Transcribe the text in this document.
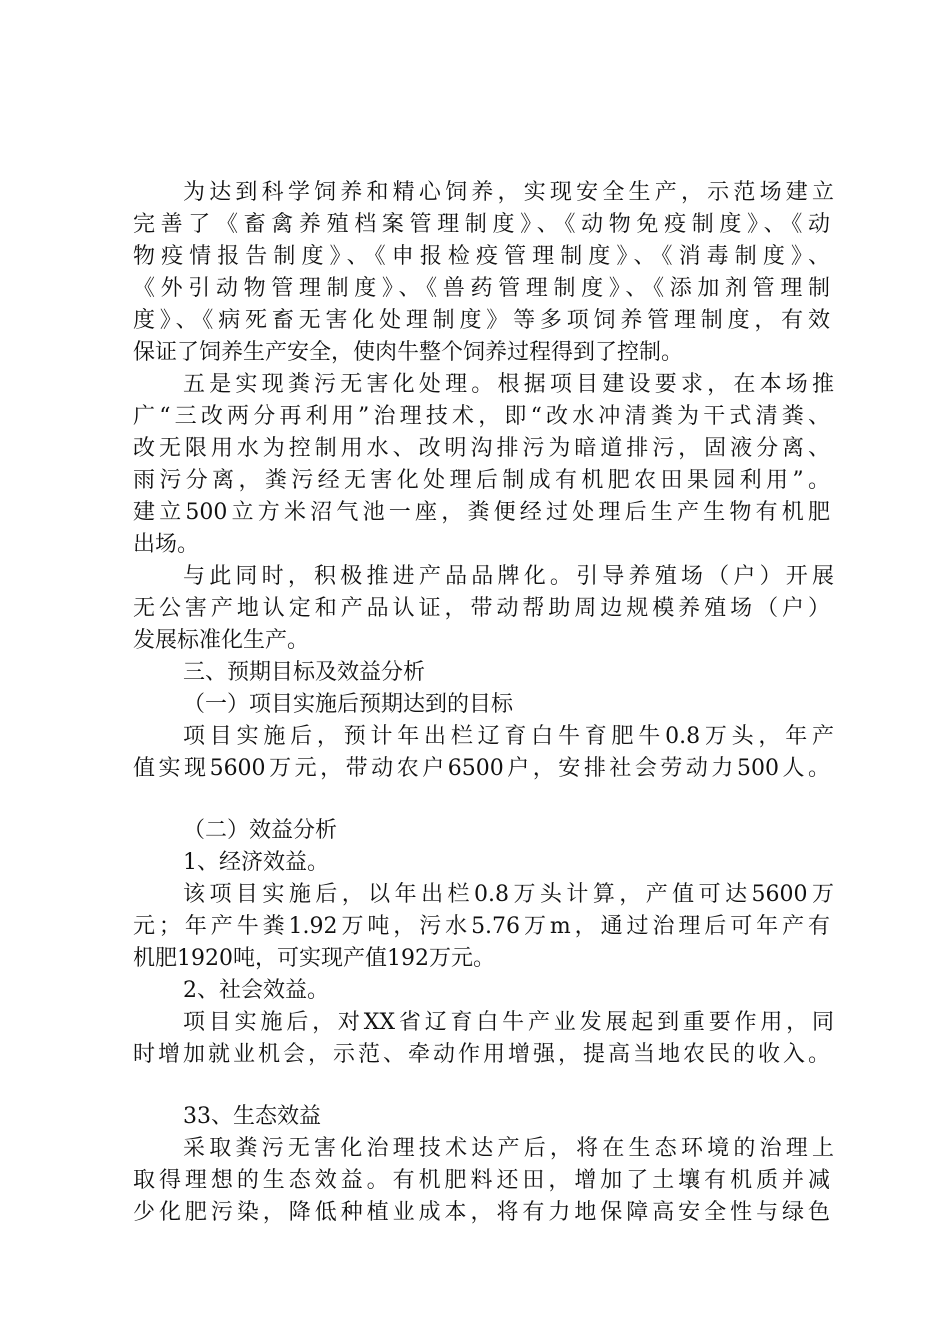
为达到科学饲养和精心饲养，实现安全生产，示范场建立
完善了《畜禽养殖档案管理制度》、《动物免疫制度》、《动
物疫情报告制度》、《申报检疫管理制度》、《消毒制度》、
《外引动物管理制度》、《兽药管理制度》、《添加剂管理制
度》、《病死畜无害化处理制度》等多项饲养管理制度，有效
保证了饲养生产安全，使肉牛整个饲养过程得到了控制。
五是实现粪污无害化处理。根据项目建设要求，在本场推
广“三改两分再利用”治理技术，即“改水冲清粪为干式清粪、
改无限用水为控制用水、改明沟排污为暗道排污，固液分离、
雨污分离，粪污经无害化处理后制成有机肥农田果园利用”。
建立500立方米沼气池一座，粪便经过处理后生产生物有机肥
出场。
与此同时，积极推进产品品牌化。引导养殖场（户）开展
无公害产地认定和产品认证，带动帮助周边规模养殖场（户）
发展标准化生产。
三、预期目标及效益分析
（一）项目实施后预期达到的目标
项目实施后，预计年出栏辽育白牛育肥牛0.8万头，年产
值实现5600万元，带动农户6500户，安排社会劳动力500人。
（二）效益分析
1、经济效益。
该项目实施后，以年出栏0.8万头计算，产值可达5600万
元；年产牛粪1.92万吨，污水5.76万m，通过治理后可年产有
机肥1920吨，可实现产值192万元。
2、社会效益。
项目实施后，对XX省辽育白牛产业发展起到重要作用，同
时增加就业机会，示范、牵动作用增强，提高当地农民的收入。
33、生态效益
采取粪污无害化治理技术达产后，将在生态环境的治理上
取得理想的生态效益。有机肥料还田，增加了土壤有机质并减
少化肥污染，降低种植业成本，将有力地保障高安全性与绿色
